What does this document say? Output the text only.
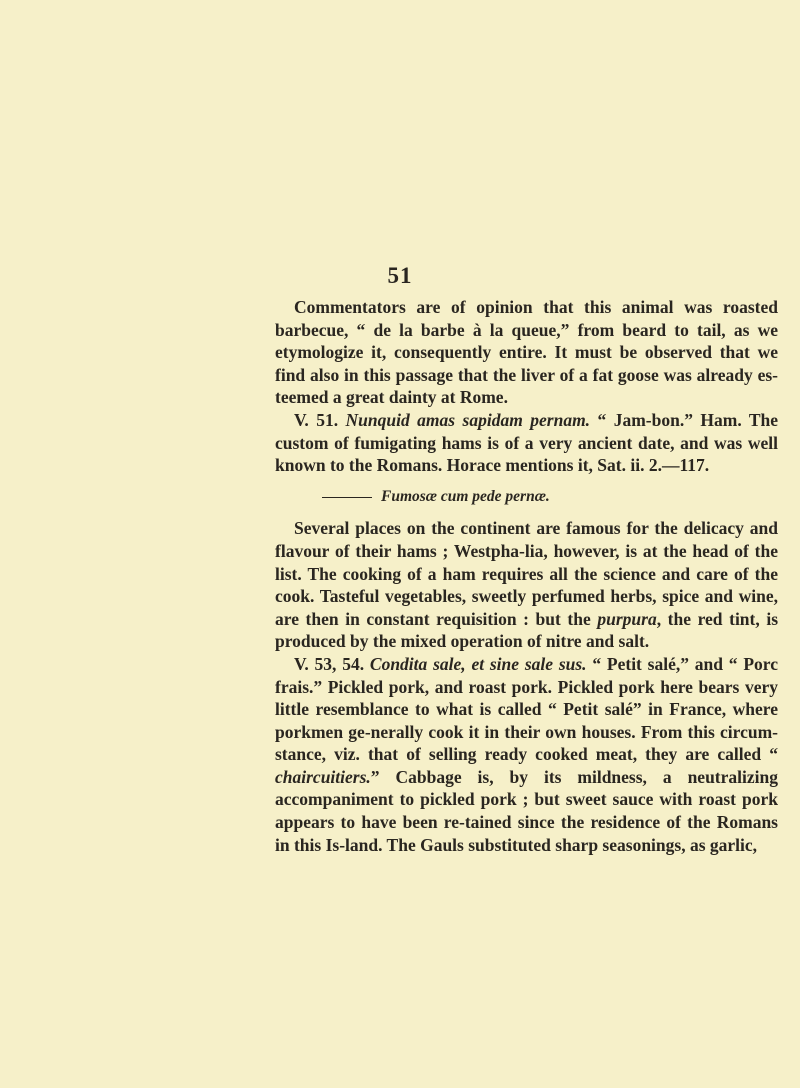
51

Commentators are of opinion that this animal was roasted barbecue, “ de la barbe à la queue,” from beard to tail, as we etymologize it, consequently entire. It must be observed that we find also in this passage that the liver of a fat goose was already es-teemed a great dainty at Rome.

V. 51. Nunquid amas sapidam pernam. “ Jam-bon.” Ham. The custom of fumigating hams is of a very ancient date, and was well known to the Romans. Horace mentions it, Sat. ii. 2.—117.

Fumosæ cum pede pernæ.

Several places on the continent are famous for the delicacy and flavour of their hams ; Westpha-lia, however, is at the head of the list. The cooking of a ham requires all the science and care of the cook. Tasteful vegetables, sweetly perfumed herbs, spice and wine, are then in constant requisition : but the purpura, the red tint, is produced by the mixed operation of nitre and salt.

V. 53, 54. Condita sale, et sine sale sus. “ Petit salé,” and “ Porc frais.” Pickled pork, and roast pork. Pickled pork here bears very little resemblance to what is called “ Petit salé” in France, where porkmen ge-nerally cook it in their own houses. From this circum-stance, viz. that of selling ready cooked meat, they are called “ chaircuitiers.” Cabbage is, by its mildness, a neutralizing accompaniment to pickled pork ; but sweet sauce with roast pork appears to have been re-tained since the residence of the Romans in this Is-land. The Gauls substituted sharp seasonings, as garlic,
